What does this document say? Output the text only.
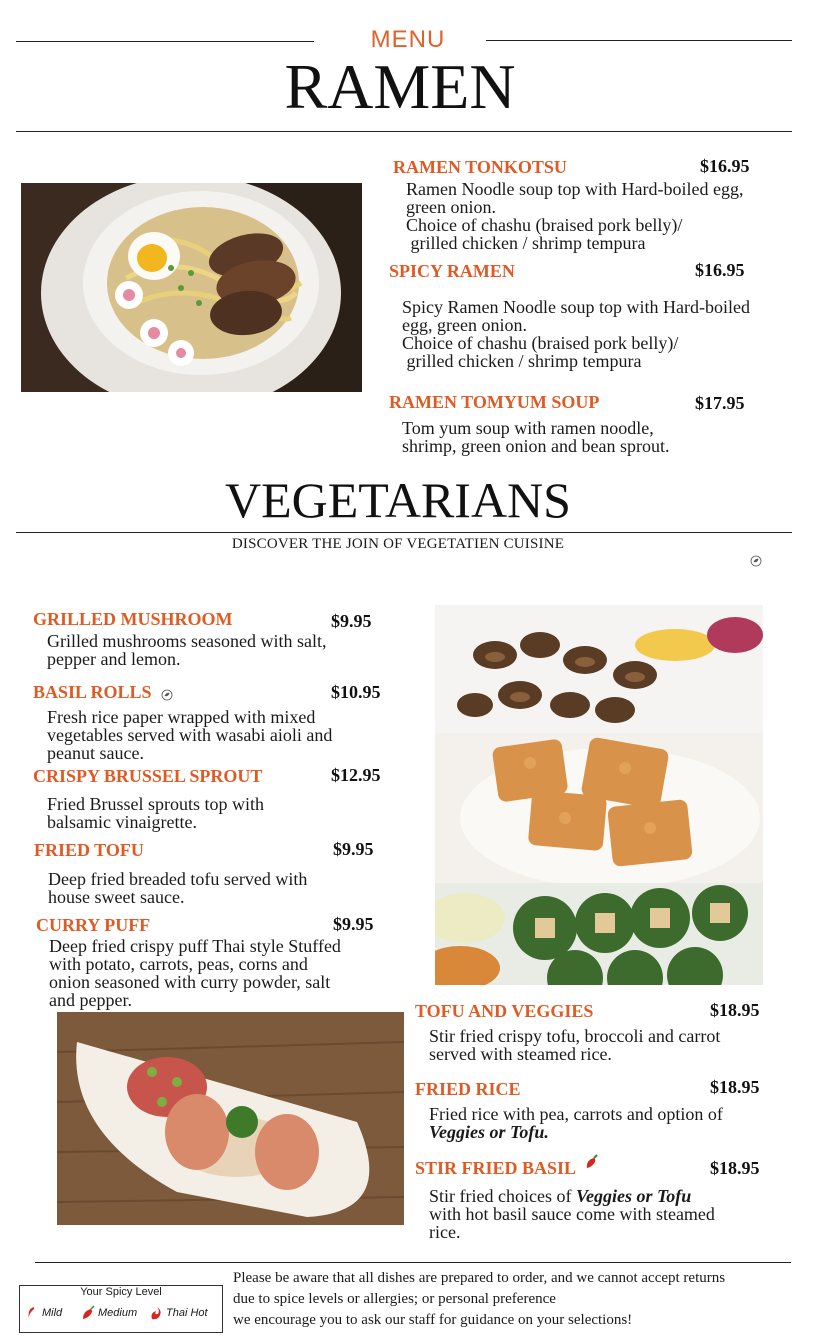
MENU
RAMEN
RAMEN TONKOTSU	$16.95
Ramen Noodle soup top with Hard-boiled egg,
green onion.
Choice of chashu (braised pork belly)/
grilled chicken / shrimp tempura
SPICY RAMEN	$16.95
Spicy Ramen Noodle soup top with Hard-boiled
egg, green onion.
Choice of chashu (braised pork belly)/
grilled chicken / shrimp tempura
RAMEN TOMYUM SOUP	$17.95
Tom yum soup with ramen noodle,
shrimp, green onion and bean sprout.
VEGETARIANS
DISCOVER THE JOIN OF VEGETATIEN CUISINE
GRILLED MUSHROOM	$9.95
Grilled mushrooms seasoned with salt,
pepper and lemon.
BASIL ROLLS	$10.95
Fresh rice paper wrapped with mixed
vegetables served with wasabi aioli and
peanut sauce.
CRISPY BRUSSEL SPROUT	$12.95
Fried Brussel sprouts top with
balsamic vinaigrette.
FRIED TOFU	$9.95
Deep fried breaded tofu served with
house sweet sauce.
CURRY PUFF	$9.95
Deep fried crispy puff Thai style Stuffed
with potato, carrots, peas, corns and
onion seasoned with curry powder, salt
and pepper.
TOFU AND VEGGIES	$18.95
Stir fried crispy tofu, broccoli and carrot
served with steamed rice.
FRIED RICE	$18.95
Fried rice with pea, carrots and option of
Veggies or Tofu.
STIR FRIED BASIL	$18.95
Stir fried choices of Veggies or Tofu
with hot basil sauce come with steamed
rice.
Your Spicy Level
Mild	Medium	Thai Hot
Please be aware that all dishes are prepared to order, and we cannot accept returns
due to spice levels or allergies; or personal preference
we encourage you to ask our staff for guidance on your selections!
